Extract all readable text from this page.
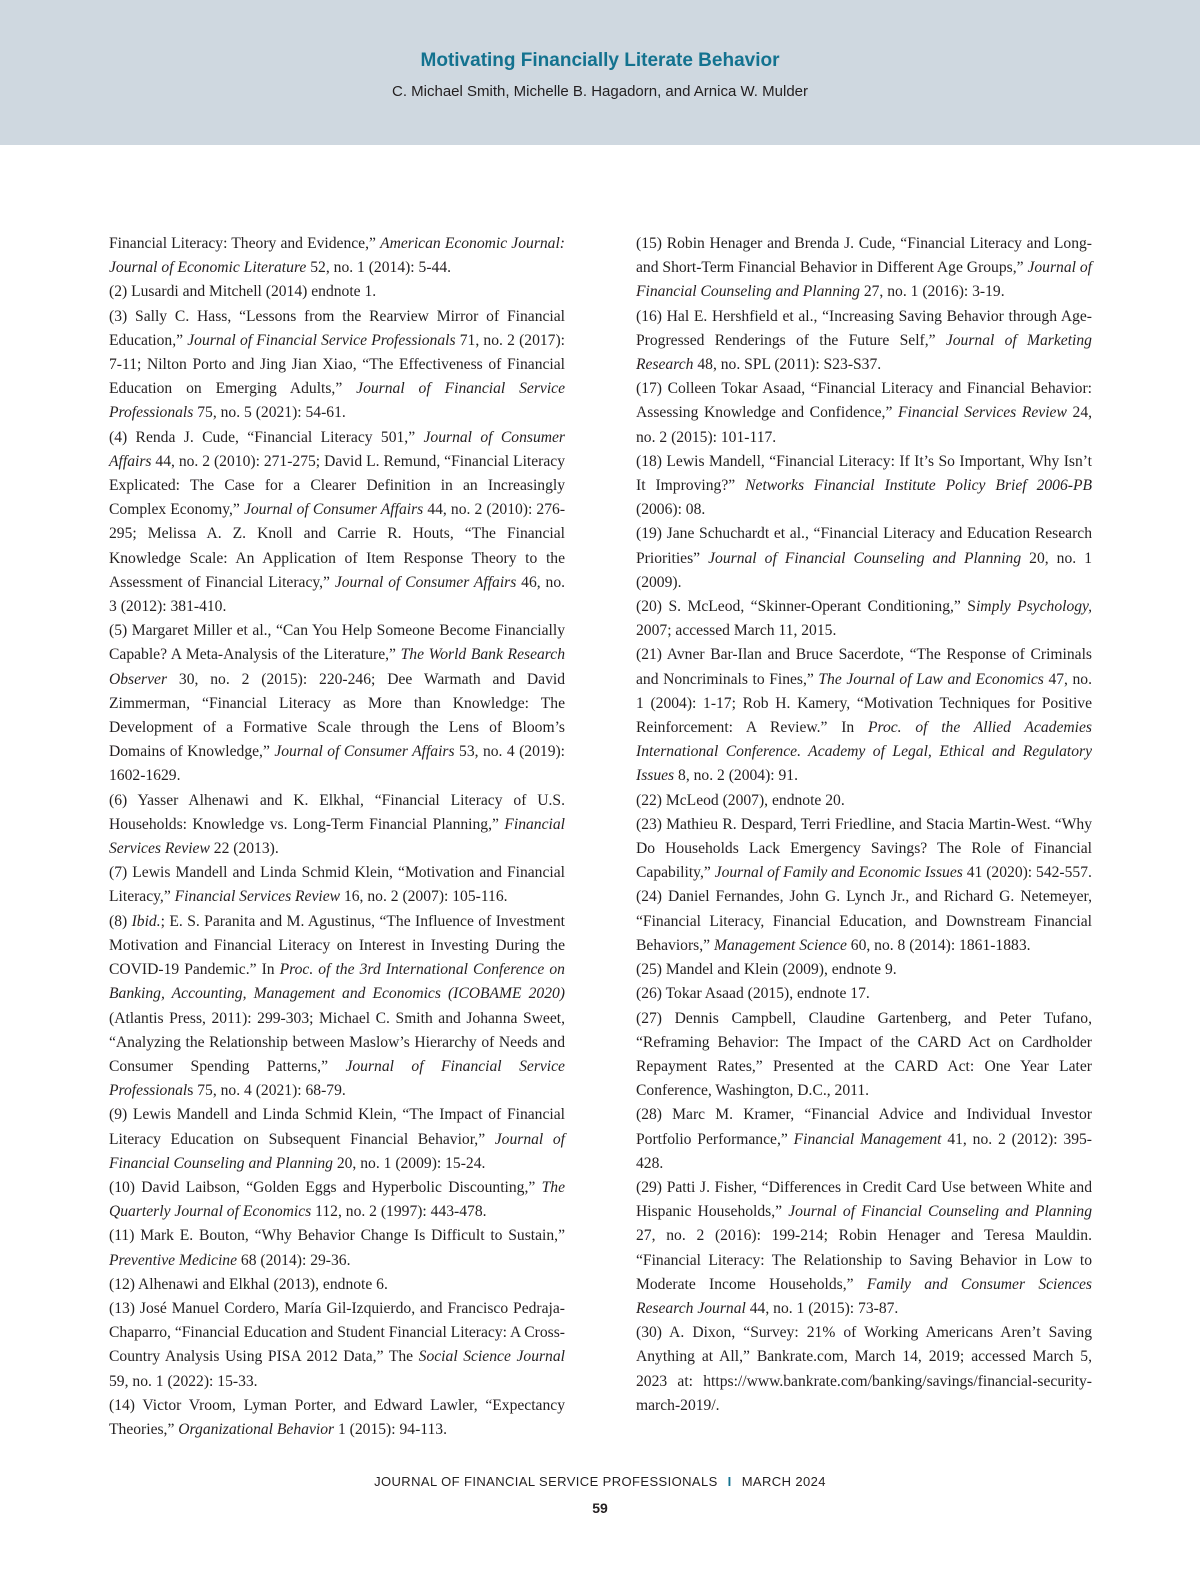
Motivating Financially Literate Behavior
C. Michael Smith, Michelle B. Hagadorn, and Arnica W. Mulder

Financial Literacy: Theory and Evidence,” American Economic Journal: Journal of Economic Literature 52, no. 1 (2014): 5-44.

(2) Lusardi and Mitchell (2014) endnote 1.

(3) Sally C. Hass, “Lessons from the Rearview Mirror of Financial Education,” Journal of Financial Service Professionals 71, no. 2 (2017): 7-11; Nilton Porto and Jing Jian Xiao, “The Effectiveness of Financial Education on Emerging Adults,” Journal of Financial Service Professionals 75, no. 5 (2021): 54-61.

(4) Renda J. Cude, “Financial Literacy 501,” Journal of Consumer Affairs 44, no. 2 (2010): 271-275; David L. Remund, “Financial Literacy Explicated: The Case for a Clearer Definition in an Increasingly Complex Economy,” Journal of Consumer Affairs 44, no. 2 (2010): 276-295; Melissa A. Z. Knoll and Carrie R. Houts, “The Financial Knowledge Scale: An Application of Item Response Theory to the Assessment of Financial Literacy,” Journal of Consumer Affairs 46, no. 3 (2012): 381-410.

(5) Margaret Miller et al., “Can You Help Someone Become Financially Capable? A Meta-Analysis of the Literature,” The World Bank Research Observer 30, no. 2 (2015): 220-246; Dee Warmath and David Zimmerman, “Financial Literacy as More than Knowledge: The Development of a Formative Scale through the Lens of Bloom’s Domains of Knowledge,” Journal of Consumer Affairs 53, no. 4 (2019): 1602-1629.

(6) Yasser Alhenawi and K. Elkhal, “Financial Literacy of U.S. Households: Knowledge vs. Long-Term Financial Planning,” Financial Services Review 22 (2013).

(7) Lewis Mandell and Linda Schmid Klein, “Motivation and Financial Literacy,” Financial Services Review 16, no. 2 (2007): 105-116.

(8) Ibid.; E. S. Paranita and M. Agustinus, “The Influence of Investment Motivation and Financial Literacy on Interest in Investing During the COVID-19 Pandemic.” In Proc. of the 3rd International Conference on Banking, Accounting, Management and Economics (ICOBAME 2020) (Atlantis Press, 2011): 299-303; Michael C. Smith and Johanna Sweet, “Analyzing the Relationship between Maslow’s Hierarchy of Needs and Consumer Spending Patterns,” Journal of Financial Service Professionals 75, no. 4 (2021): 68-79.

(9) Lewis Mandell and Linda Schmid Klein, “The Impact of Financial Literacy Education on Subsequent Financial Behavior,” Journal of Financial Counseling and Planning 20, no. 1 (2009): 15-24.

(10) David Laibson, “Golden Eggs and Hyperbolic Discounting,” The Quarterly Journal of Economics 112, no. 2 (1997): 443-478.

(11) Mark E. Bouton, “Why Behavior Change Is Difficult to Sustain,” Preventive Medicine 68 (2014): 29-36.

(12) Alhenawi and Elkhal (2013), endnote 6.

(13) José Manuel Cordero, María Gil-Izquierdo, and Francisco Pedraja-Chaparro, “Financial Education and Student Financial Literacy: A Cross-Country Analysis Using PISA 2012 Data,” The Social Science Journal 59, no. 1 (2022): 15-33.

(14) Victor Vroom, Lyman Porter, and Edward Lawler, “Expectancy Theories,” Organizational Behavior 1 (2015): 94-113.

(15) Robin Henager and Brenda J. Cude, “Financial Literacy and Long- and Short-Term Financial Behavior in Different Age Groups,” Journal of Financial Counseling and Planning 27, no. 1 (2016): 3-19.

(16) Hal E. Hershfield et al., “Increasing Saving Behavior through Age-Progressed Renderings of the Future Self,” Journal of Marketing Research 48, no. SPL (2011): S23-S37.

(17) Colleen Tokar Asaad, “Financial Literacy and Financial Behavior: Assessing Knowledge and Confidence,” Financial Services Review 24, no. 2 (2015): 101-117.

(18) Lewis Mandell, “Financial Literacy: If It’s So Important, Why Isn’t It Improving?” Networks Financial Institute Policy Brief 2006-PB (2006): 08.

(19) Jane Schuchardt et al., “Financial Literacy and Education Research Priorities” Journal of Financial Counseling and Planning 20, no. 1 (2009).

(20) S. McLeod, “Skinner-Operant Conditioning,” Simply Psychology, 2007; accessed March 11, 2015.

(21) Avner Bar-Ilan and Bruce Sacerdote, “The Response of Criminals and Noncriminals to Fines,” The Journal of Law and Economics 47, no. 1 (2004): 1-17; Rob H. Kamery, “Motivation Techniques for Positive Reinforcement: A Review.” In Proc. of the Allied Academies International Conference. Academy of Legal, Ethical and Regulatory Issues 8, no. 2 (2004): 91.

(22) McLeod (2007), endnote 20.

(23) Mathieu R. Despard, Terri Friedline, and Stacia Martin-West. “Why Do Households Lack Emergency Savings? The Role of Financial Capability,” Journal of Family and Economic Issues 41 (2020): 542-557.

(24) Daniel Fernandes, John G. Lynch Jr., and Richard G. Netemeyer, “Financial Literacy, Financial Education, and Downstream Financial Behaviors,” Management Science 60, no. 8 (2014): 1861-1883.

(25) Mandel and Klein (2009), endnote 9.

(26) Tokar Asaad (2015), endnote 17.

(27) Dennis Campbell, Claudine Gartenberg, and Peter Tufano, “Reframing Behavior: The Impact of the CARD Act on Cardholder Repayment Rates,” Presented at the CARD Act: One Year Later Conference, Washington, D.C., 2011.

(28) Marc M. Kramer, “Financial Advice and Individual Investor Portfolio Performance,” Financial Management 41, no. 2 (2012): 395-428.

(29) Patti J. Fisher, “Differences in Credit Card Use between White and Hispanic Households,” Journal of Financial Counseling and Planning 27, no. 2 (2016): 199-214; Robin Henager and Teresa Mauldin. “Financial Literacy: The Relationship to Saving Behavior in Low to Moderate Income Households,” Family and Consumer Sciences Research Journal 44, no. 1 (2015): 73-87.

(30) A. Dixon, “Survey: 21% of Working Americans Aren’t Saving Anything at All,” Bankrate.com, March 14, 2019; accessed March 5, 2023 at: https://www.bankrate.com/banking/savings/financial-security-march-2019/.

JOURNAL OF FINANCIAL SERVICE PROFESSIONALS I MARCH 2024
59
